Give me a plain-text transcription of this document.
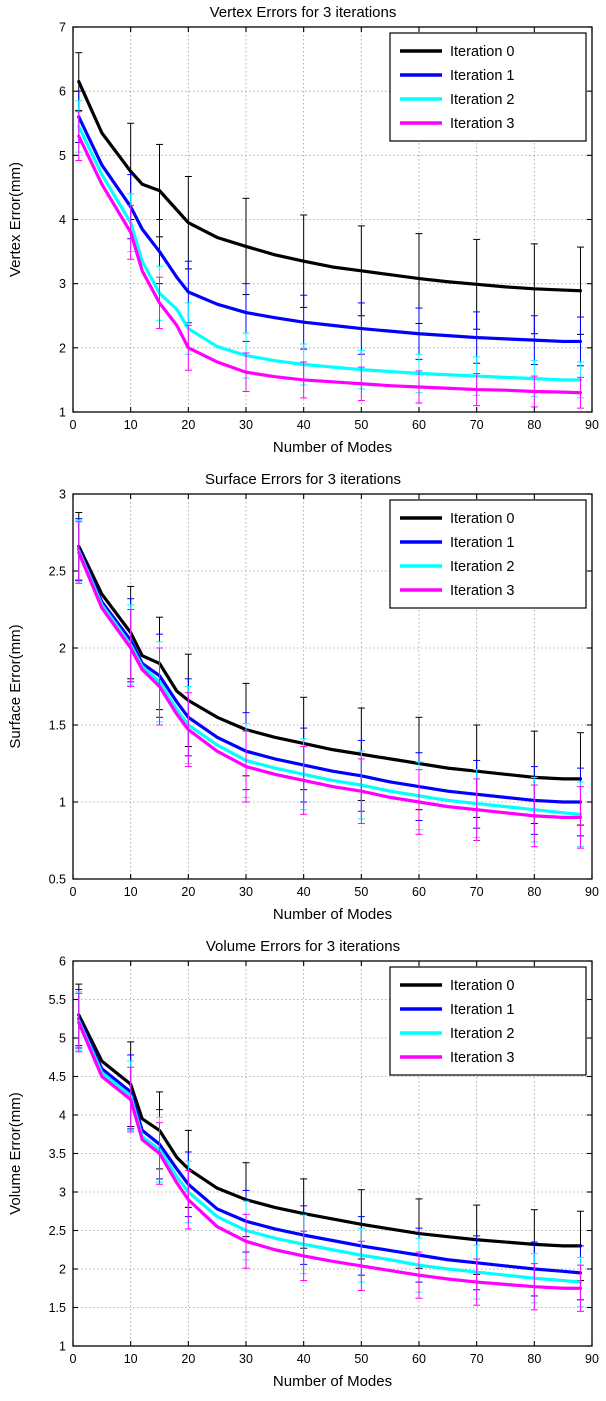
Vertex Errors for 3 iterations
0	10	20	30	40	50	60	70	80	90
1
2
3
4
5
6
7
Number of Modes
Vertex Error(mm)
Iteration 0
Iteration 1
Iteration 2
Iteration 3
Surface Errors for 3 iterations
0	10	20	30	40	50	60	70	80	90
0.5
1
1.5
2
2.5
3
Number of Modes
Surface Error(mm)
Iteration 0
Iteration 1
Iteration 2
Iteration 3
Volume Errors for 3 iterations
0	10	20	30	40	50	60	70	80	90
1
1.5
2
2.5
3
3.5
4
4.5
5
5.5
6
Number of Modes
Volume Error(mm)
Iteration 0
Iteration 1
Iteration 2
Iteration 3
